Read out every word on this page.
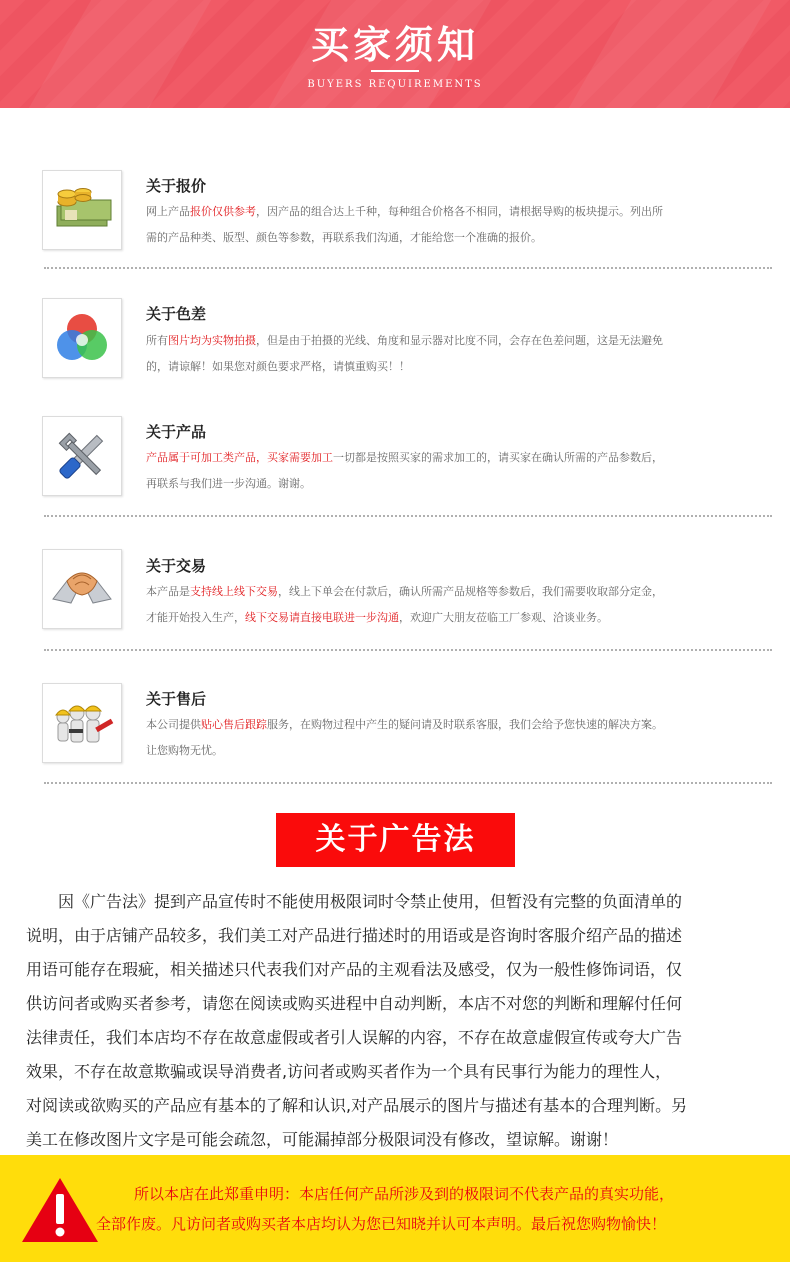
买家须知
BUYERS REQUIREMENTS
关于报价
网上产品报价仅供参考，因产品的组合达上千种，每种组合价格各不相同，请根据导购的板块提示。列出所
需的产品种类、版型、颜色等参数，再联系我们沟通，才能给您一个准确的报价。
关于色差
所有图片均为实物拍摄，但是由于拍摄的光线、角度和显示器对比度不同，会存在色差问题，这是无法避免
的，请谅解！如果您对颜色要求严格，请慎重购买！！
关于产品
产品属于可加工类产品，买家需要加工一切都是按照买家的需求加工的，请买家在确认所需的产品参数后，
再联系与我们进一步沟通。谢谢。
关于交易
本产品是支持线上线下交易，线上下单会在付款后，确认所需产品规格等参数后，我们需要收取部分定金，
才能开始投入生产，线下交易请直接电联进一步沟通，欢迎广大朋友莅临工厂参观、洽谈业务。
关于售后
本公司提供贴心售后跟踪服务，在购物过程中产生的疑问请及时联系客服，我们会给予您快速的解决方案。
让您购物无忧。
关于广告法

　　因《广告法》提到产品宣传时不能使用极限词时令禁止使用，但暂没有完整的负面清单的

说明，由于店铺产品较多，我们美工对产品进行描述时的用语或是咨询时客服介绍产品的描述

用语可能存在瑕疵，相关描述只代表我们对产品的主观看法及感受，仅为一般性修饰词语，仅

供访问者或购买者参考，请您在阅读或购买进程中自动判断，本店不对您的判断和理解付任何

法律责任，我们本店均不存在故意虚假或者引人误解的内容，不存在故意虚假宣传或夸大广告

效果，不存在故意欺骗或误导消费者,访问者或购买者作为一个具有民事行为能力的理性人，

对阅读或欲购买的产品应有基本的了解和认识,对产品展示的图片与描述有基本的合理判断。另

美工在修改图片文字是可能会疏忽，可能漏掉部分极限词没有修改，望谅解。谢谢！

所以本店在此郑重申明：本店任何产品所涉及到的极限词不代表产品的真实功能，
全部作废。凡访问者或购买者本店均认为您已知晓并认可本声明。最后祝您购物愉快！
